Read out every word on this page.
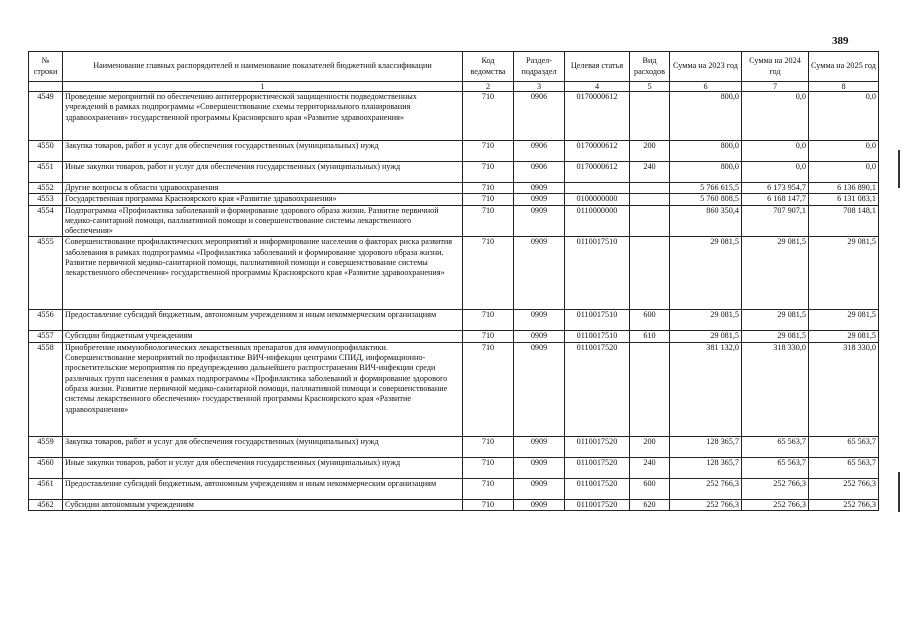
389
№ строки	Наименование главных распорядителей и наименование показателей бюджетной классификации	Код ведомства	Раздел-подраздел	Целевая статья	Вид расходов	Сумма на 2023 год	Сумма на 2024 год	Сумма на 2025 год
	1	2	3	4	5	6	7	8
4549	Проведение мероприятий по обеспечению антитеррористической защищенности подведомственных учреждений в рамках подпрограммы «Совершенствование схемы территориального планирования здравоохранения» государственной программы Красноярского края «Развитие здравоохранения»	710	0906	0170000612		800,0	0,0	0,0
4550	Закупка товаров, работ и услуг для обеспечения государственных (муниципальных) нужд	710	0906	0170000612	200	800,0	0,0	0,0
4551	Иные закупки товаров, работ и услуг для обеспечения государственных (муниципальных) нужд	710	0906	0170000612	240	800,0	0,0	0,0
4552	Другие вопросы в области здравоохранения	710	0909			5 766 615,5	6 173 954,7	6 136 890,1
4553	Государственная программа Красноярского края «Развитие здравоохранения»	710	0909	0100000000		5 760 808,5	6 168 147,7	6 131 083,1
4554	Подпрограмма «Профилактика заболеваний и формирование здорового образа жизни. Развитие первичной медико-санитарной помощи, паллиативной помощи и совершенствование системы лекарственного обеспечения»	710	0909	0110000000		860 350,4	707 907,1	708 148,1
4555	Совершенствование профилактических мероприятий и информирование населения о факторах риска развития заболевания в рамках подпрограммы «Профилактика заболеваний и формирование здорового образа жизни. Развитие первичной медико-санитарной помощи, паллиативной помощи и совершенствование системы лекарственного обеспечения» государственной программы Красноярского края «Развитие здравоохранения»	710	0909	0110017510		29 081,5	29 081,5	29 081,5
4556	Предоставление субсидий бюджетным, автономным учреждениям и иным некоммерческим организациям	710	0909	0110017510	600	29 081,5	29 081,5	29 081,5
4557	Субсидии бюджетным учреждениям	710	0909	0110017510	610	29 081,5	29 081,5	29 081,5
4558	Приобретение иммунобиологических лекарственных препаратов для иммунопрофилактики. Совершенствование мероприятий по профилактике ВИЧ-инфекции центрами СПИД, информационно-просветительские мероприятия по предупреждению дальнейшего распространения ВИЧ-инфекции среди различных групп населения в рамках подпрограммы «Профилактика заболеваний и формирование здорового образа жизни. Развитие первичной медико-санитарной помощи, паллиативной помощи и совершенствование системы лекарственного обеспечения» государственной программы Красноярского края «Развитие здравоохранения»	710	0909	0110017520		381 132,0	318 330,0	318 330,0
4559	Закупка товаров, работ и услуг для обеспечения государственных (муниципальных) нужд	710	0909	0110017520	200	128 365,7	65 563,7	65 563,7
4560	Иные закупки товаров, работ и услуг для обеспечения государственных (муниципальных) нужд	710	0909	0110017520	240	128 365,7	65 563,7	65 563,7
4561	Предоставление субсидий бюджетным, автономным учреждениям и иным некоммерческим организациям	710	0909	0110017520	600	252 766,3	252 766,3	252 766,3
4562	Субсидии автономным учреждениям	710	0909	0110017520	620	252 766,3	252 766,3	252 766,3
